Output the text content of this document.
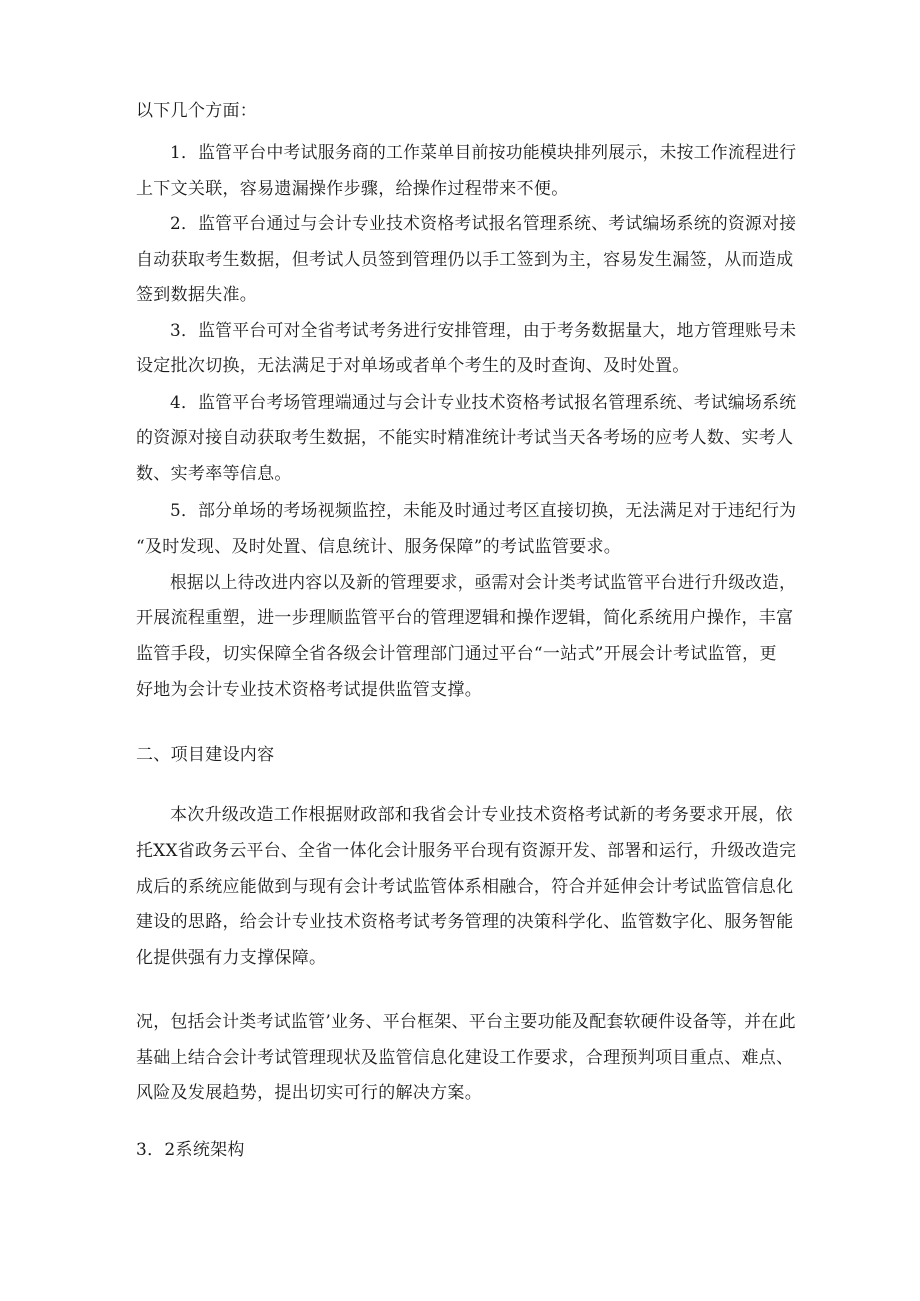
以下几个方面：
1．监管平台中考试服务商的工作菜单目前按功能模块排列展示，未按工作流程进行
上下文关联，容易遗漏操作步骤，给操作过程带来不便。
2．监管平台通过与会计专业技术资格考试报名管理系统、考试编场系统的资源对接
自动获取考生数据，但考试人员签到管理仍以手工签到为主，容易发生漏签，从而造成
签到数据失准。
3．监管平台可对全省考试考务进行安排管理，由于考务数据量大，地方管理账号未
设定批次切换，无法满足于对单场或者单个考生的及时查询、及时处置。
4．监管平台考场管理端通过与会计专业技术资格考试报名管理系统、考试编场系统
的资源对接自动获取考生数据，不能实时精准统计考试当天各考场的应考人数、实考人
数、实考率等信息。
5．部分单场的考场视频监控，未能及时通过考区直接切换，无法满足对于违纪行为
“及时发现、及时处置、信息统计、服务保障”的考试监管要求。
根据以上待改进内容以及新的管理要求，亟需对会计类考试监管平台进行升级改造，
开展流程重塑，进一步理顺监管平台的管理逻辑和操作逻辑，简化系统用户操作，丰富
监管手段，切实保障全省各级会计管理部门通过平台“一站式”开展会计考试监管，更
好地为会计专业技术资格考试提供监管支撑。
二、项目建设内容
本次升级改造工作根据财政部和我省会计专业技术资格考试新的考务要求开展，依
托XX省政务云平台、全省一体化会计服务平台现有资源开发、部署和运行，升级改造完
成后的系统应能做到与现有会计考试监管体系相融合，符合并延伸会计考试监管信息化
建设的思路，给会计专业技术资格考试考务管理的决策科学化、监管数字化、服务智能
化提供强有力支撑保障。
况，包括会计类考试监管’业务、平台框架、平台主要功能及配套软硬件设备等，并在此
基础上结合会计考试管理现状及监管信息化建设工作要求，合理预判项目重点、难点、
风险及发展趋势，提出切实可行的解决方案。
3．2系统架构
